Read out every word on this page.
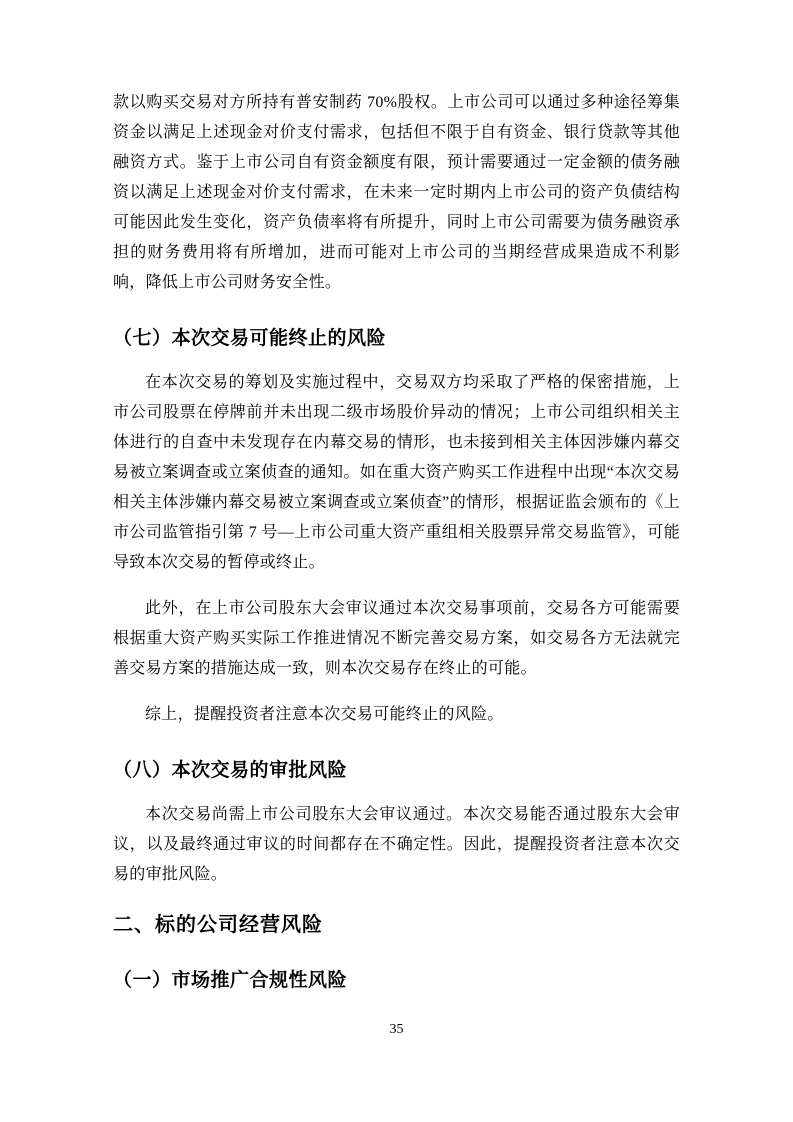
款以购买交易对方所持有普安制药 70%股权。上市公司可以通过多种途径筹集资金以满足上述现金对价支付需求，包括但不限于自有资金、银行贷款等其他融资方式。鉴于上市公司自有资金额度有限，预计需要通过一定金额的债务融资以满足上述现金对价支付需求，在未来一定时期内上市公司的资产负债结构可能因此发生变化，资产负债率将有所提升，同时上市公司需要为债务融资承担的财务费用将有所增加，进而可能对上市公司的当期经营成果造成不利影响，降低上市公司财务安全性。

（七）本次交易可能终止的风险

在本次交易的筹划及实施过程中，交易双方均采取了严格的保密措施，上市公司股票在停牌前并未出现二级市场股价异动的情况；上市公司组织相关主体进行的自查中未发现存在内幕交易的情形，也未接到相关主体因涉嫌内幕交易被立案调查或立案侦查的通知。如在重大资产购买工作进程中出现“本次交易相关主体涉嫌内幕交易被立案调查或立案侦查”的情形，根据证监会颁布的《上市公司监管指引第 7 号—上市公司重大资产重组相关股票异常交易监管》，可能导致本次交易的暂停或终止。

此外，在上市公司股东大会审议通过本次交易事项前，交易各方可能需要根据重大资产购买实际工作推进情况不断完善交易方案，如交易各方无法就完善交易方案的措施达成一致，则本次交易存在终止的可能。

综上，提醒投资者注意本次交易可能终止的风险。

（八）本次交易的审批风险

本次交易尚需上市公司股东大会审议通过。本次交易能否通过股东大会审议，以及最终通过审议的时间都存在不确定性。因此，提醒投资者注意本次交易的审批风险。

二、标的公司经营风险
（一）市场推广合规性风险
35
